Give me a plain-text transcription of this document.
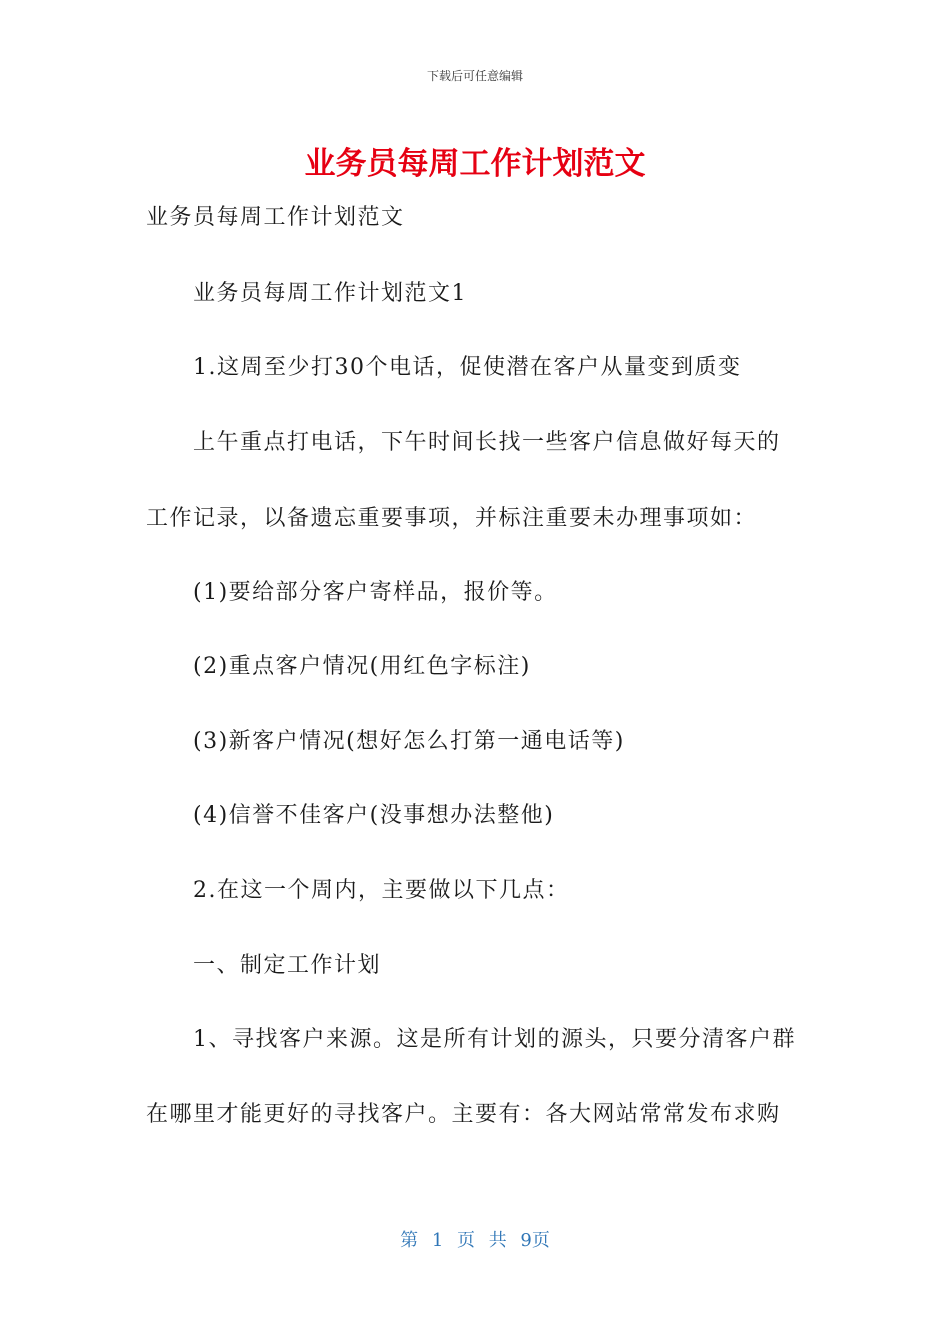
下载后可任意编辑
业务员每周工作计划范文

业务员每周工作计划范文

业务员每周工作计划范文1

1.这周至少打30个电话，促使潜在客户从量变到质变

上午重点打电话，下午时间长找一些客户信息做好每天的

工作记录，以备遗忘重要事项，并标注重要未办理事项如：

(1)要给部分客户寄样品，报价等。

(2)重点客户情况(用红色字标注)

(3)新客户情况(想好怎么打第一通电话等)

(4)信誉不佳客户(没事想办法整他)

2.在这一个周内，主要做以下几点：

一、制定工作计划

1、寻找客户来源。这是所有计划的源头，只要分清客户群

在哪里才能更好的寻找客户。主要有：各大网站常常发布求购

第 1 页 共 9页
